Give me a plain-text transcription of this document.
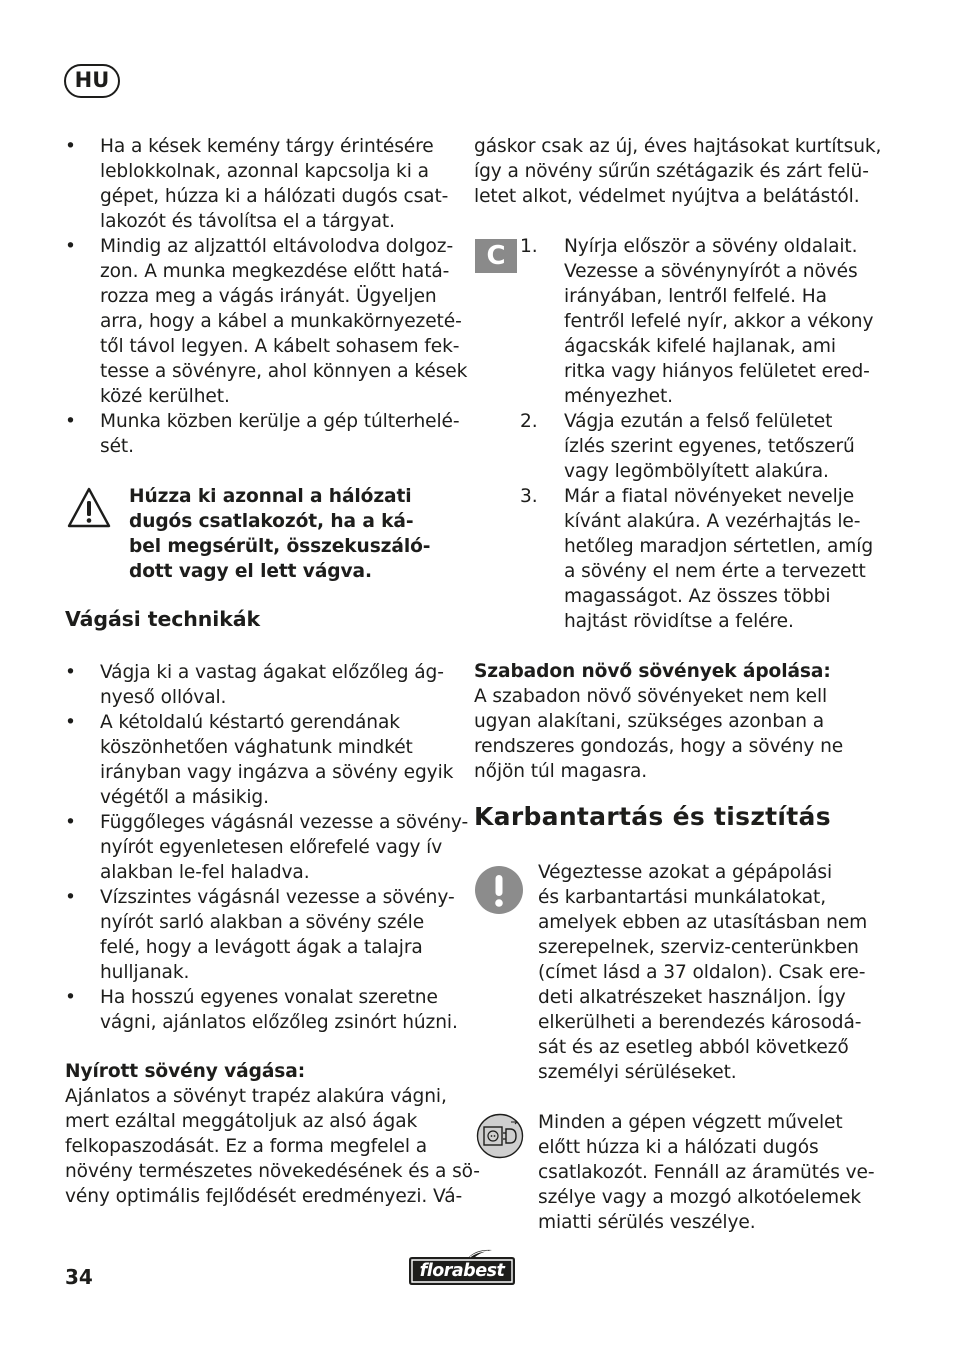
HU
• Ha a kések kemény tárgy érintésére
leblokkolnak, azonnal kapcsolja ki a
gépet, húzza ki a hálózati dugós csat-
lakozót és távolítsa el a tárgyat.
• Mindig az aljzattól eltávolodva dolgoz-
zon. A munka megkezdése előtt hatá-
rozza meg a vágás irányát. Ügyeljen
arra, hogy a kábel a munkakörnyezeté-
től távol legyen. A kábelt sohasem fek-
tesse a sövényre, ahol könnyen a kések
közé kerülhet.
• Munka közben kerülje a gép túlterhelé-
sét.
Húzza ki azonnal a hálózati
dugós csatlakozót, ha a ká-
bel megsérült, összekuszáló-
dott vagy el lett vágva.
Vágási technikák
• Vágja ki a vastag ágakat előzőleg ág-
nyeső ollóval.
• A kétoldalú késtartó gerendának
köszönhetően vághatunk mindkét
irányban vagy ingázva a sövény egyik
végétől a másikig.
• Függőleges vágásnál vezesse a sövény-
nyírót egyenletesen előrefelé vagy ív
alakban le-fel haladva.
• Vízszintes vágásnál vezesse a sövény-
nyírót sarló alakban a sövény széle
felé, hogy a levágott ágak a talajra
hulljanak.
• Ha hosszú egyenes vonalat szeretne
vágni, ajánlatos előzőleg zsinórt húzni.
Nyírott sövény vágása:
Ajánlatos a sövényt trapéz alakúra vágni,
mert ezáltal meggátoljuk az alsó ágak
felkopaszodását. Ez a forma megfelel a
növény természetes növekedésének és a sö-
vény optimális fejlődését eredményezi. Vá-
gáskor csak az új, éves hajtásokat kurtítsuk,
így a növény sűrűn szétágazik és zárt felü-
letet alkot, védelmet nyújtva a belátástól.
C 1. Nyírja először a sövény oldalait.
Vezesse a sövénynyírót a növés
irányában, lentről felfelé. Ha
fentről lefelé nyír, akkor a vékony
ágacskák kifelé hajlanak, ami
ritka vagy hiányos felületet ered-
ményezhet.
2. Vágja ezután a felső felületet
ízlés szerint egyenes, tetőszerű
vagy legömbölyített alakúra.
3. Már a fiatal növényeket nevelje
kívánt alakúra. A vezérhajtás le-
hetőleg maradjon sértetlen, amíg
a sövény el nem érte a tervezett
magasságot. Az összes többi
hajtást rövidítse a felére.
Szabadon növő sövények ápolása:
A szabadon növő sövényeket nem kell
ugyan alakítani, szükséges azonban a
rendszeres gondozás, hogy a sövény ne
nőjön túl magasra.
Karbantartás és tisztítás
Végeztesse azokat a gépápolási
és karbantartási munkálatokat,
amelyek ebben az utasításban nem
szerepelnek, szerviz-centerünkben
(címet lásd a 37 oldalon). Csak ere-
deti alkatrészeket használjon. Így
elkerülheti a berendezés károsodá-
sát és az esetleg abból következő
személyi sérüléseket.
Minden a gépen végzett művelet
előtt húzza ki a hálózati dugós
csatlakozót. Fennáll az áramütés ve-
szélye vagy a mozgó alkotóelemek
miatti sérülés veszélye.
34	florabest
